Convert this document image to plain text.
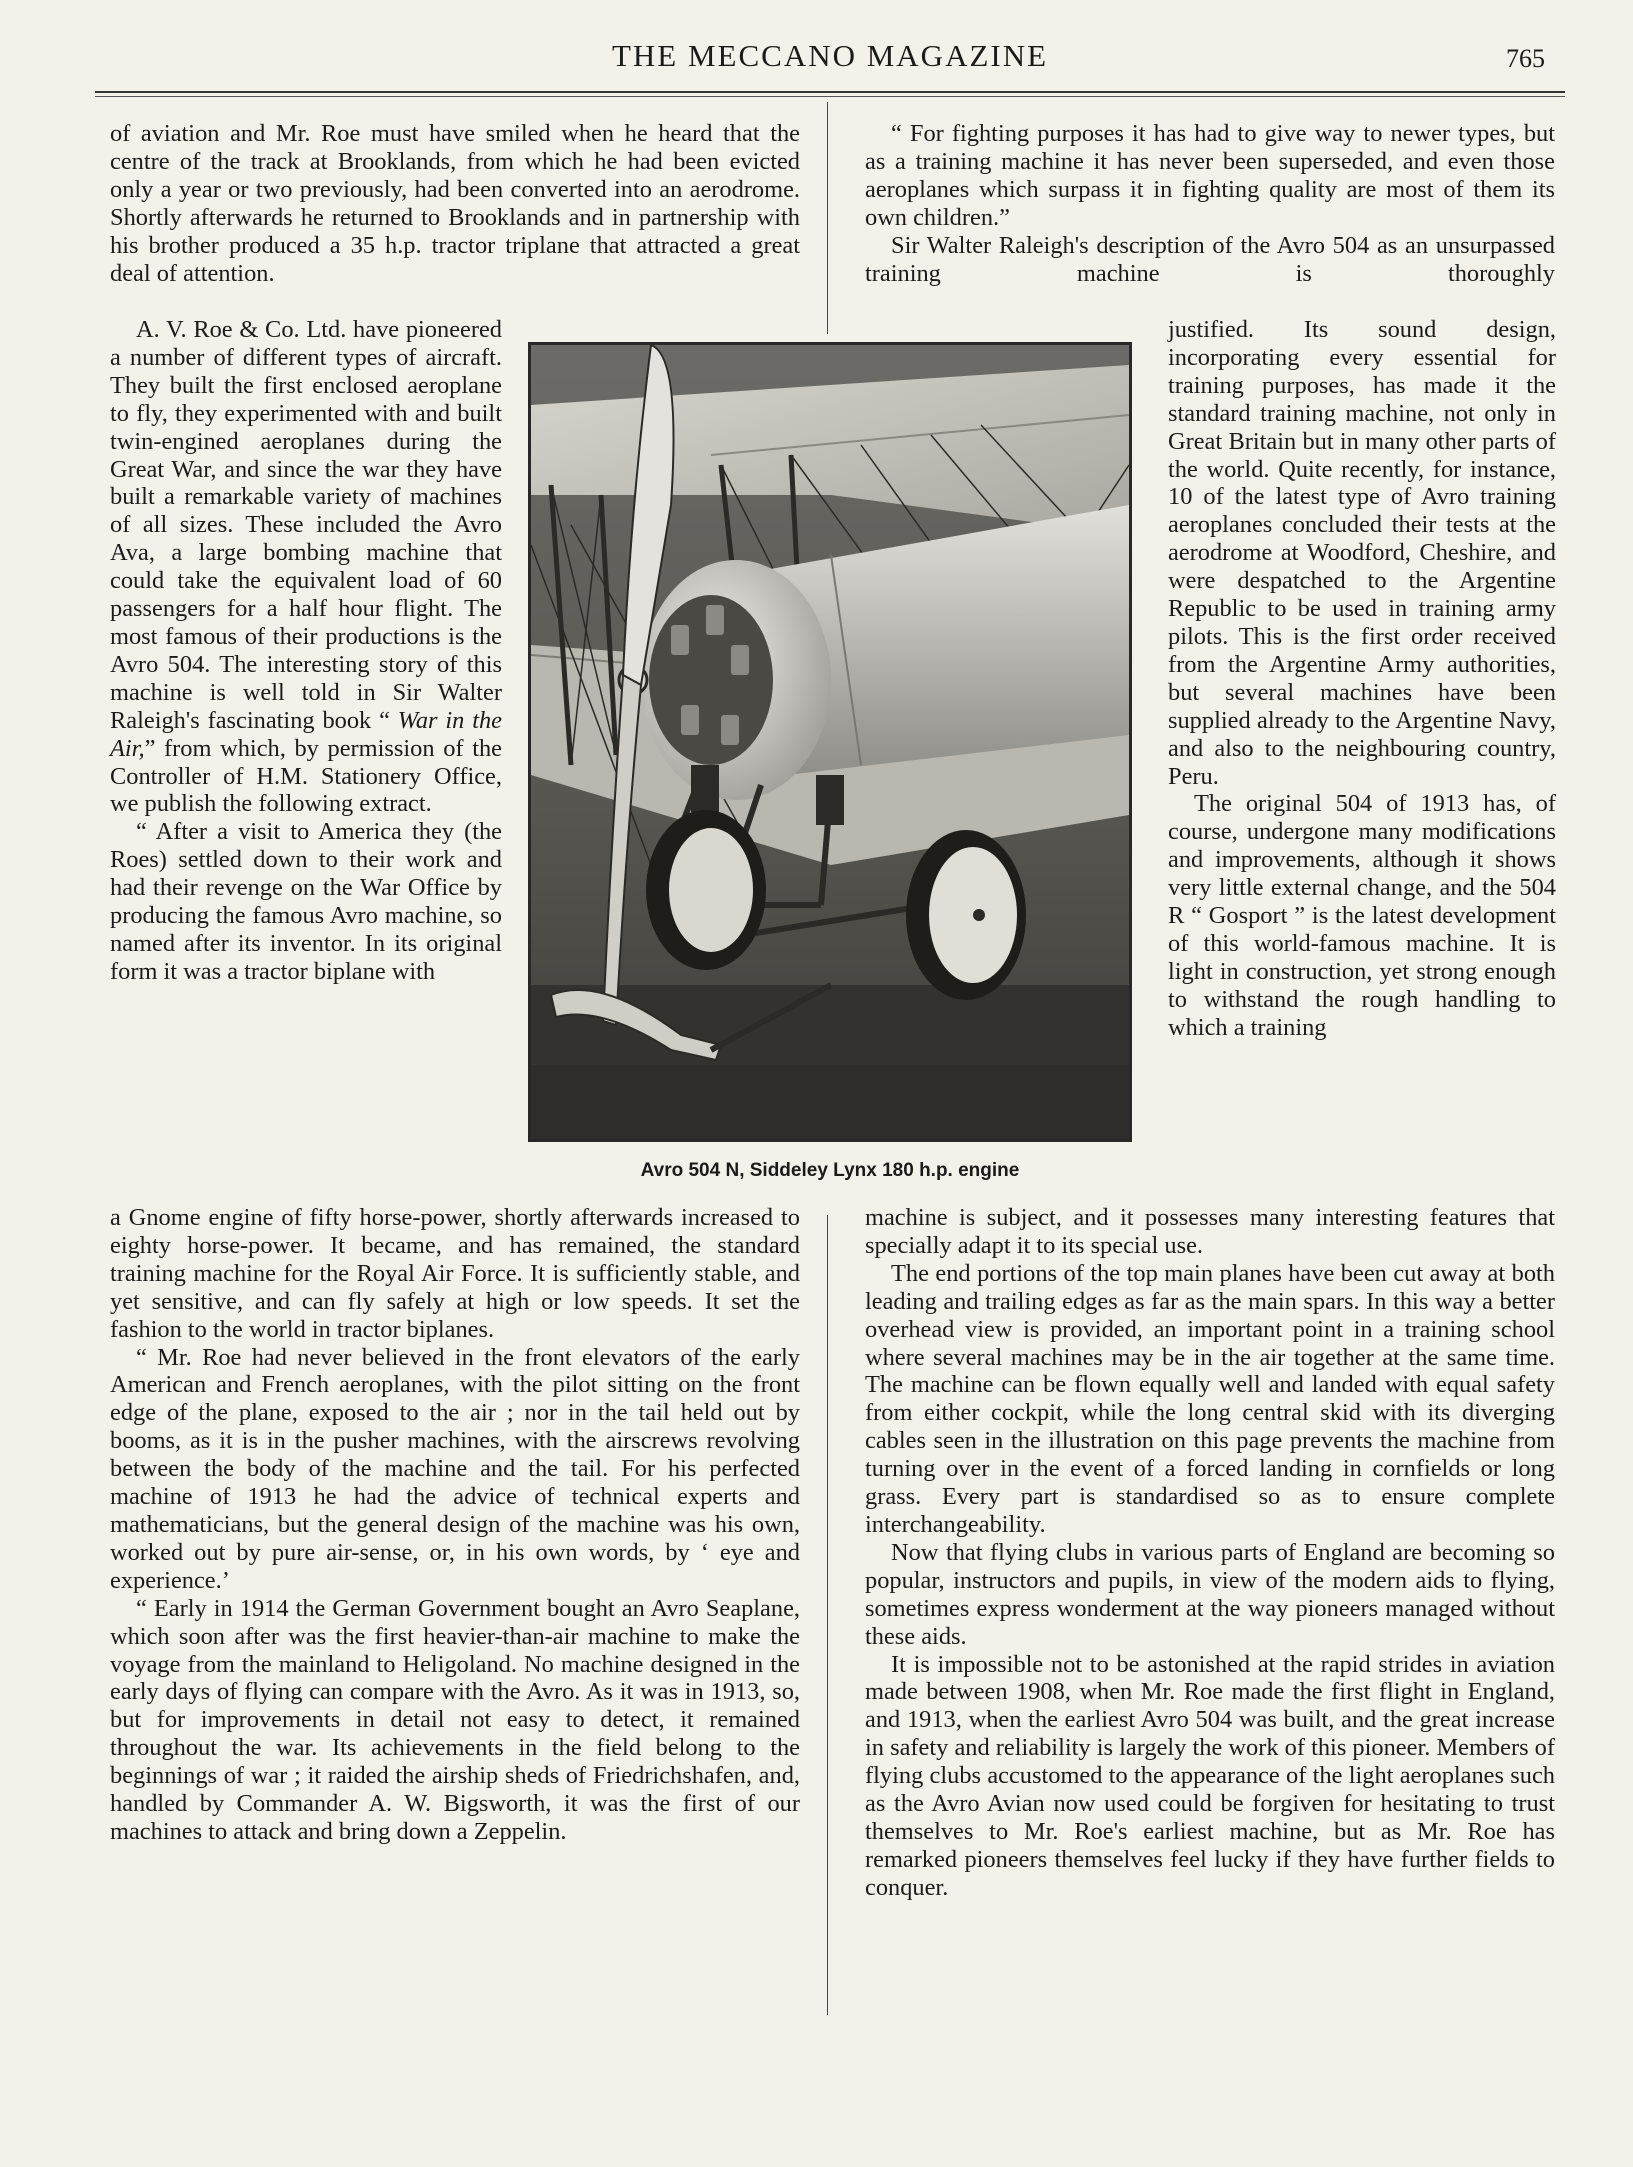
THE MECCANO MAGAZINE	765

of aviation and Mr. Roe must have smiled when he heard that the centre of the track at Brooklands, from which he had been evicted only a year or two previously, had been converted into an aerodrome. Shortly afterwards he returned to Brooklands and in partnership with his brother produced a 35 h.p. tractor triplane that attracted a great deal of attention.

A. V. Roe & Co. Ltd. have pioneered a number of different types of aircraft. They built the first enclosed aeroplane to fly, they experimented with and built twin-engined aeroplanes during the Great War, and since the war they have built a remarkable variety of machines of all sizes. These included the Avro Ava, a large bombing machine that could take the equivalent load of 60 passengers for a half hour flight. The most famous of their productions is the Avro 504. The interesting story of this machine is well told in Sir Walter Raleigh's fascinating book “ War in the Air,” from which, by permission of the Controller of H.M. Stationery Office, we publish the following extract.

“ After a visit to America they (the Roes) settled down to their work and had their revenge on the War Office by producing the famous Avro machine, so named after its inventor. In its original form it was a tractor biplane with

a Gnome engine of fifty horse-power, shortly afterwards increased to eighty horse-power. It became, and has remained, the standard training machine for the Royal Air Force. It is sufficiently stable, and yet sensitive, and can fly safely at high or low speeds. It set the fashion to the world in tractor biplanes.

“ Mr. Roe had never believed in the front elevators of the early American and French aeroplanes, with the pilot sitting on the front edge of the plane, exposed to the air ; nor in the tail held out by booms, as it is in the pusher machines, with the airscrews revolving between the body of the machine and the tail. For his perfected machine of 1913 he had the advice of technical experts and mathematicians, but the general design of the machine was his own, worked out by pure air-sense, or, in his own words, by ‘ eye and experience.’

“ Early in 1914 the German Government bought an Avro Seaplane, which soon after was the first heavier-than-air machine to make the voyage from the mainland to Heligoland. No machine designed in the early days of flying can compare with the Avro. As it was in 1913, so, but for improvements in detail not easy to detect, it remained throughout the war. Its achievements in the field belong to the beginnings of war ; it raided the airship sheds of Friedrichshafen, and, handled by Commander A. W. Bigsworth, it was the first of our machines to attack and bring down a Zeppelin.

“ For fighting purposes it has had to give way to newer types, but as a training machine it has never been superseded, and even those aeroplanes which surpass it in fighting quality are most of them its own children.”

Sir Walter Raleigh's description of the Avro 504 as an unsurpassed training machine is thoroughly

justified. Its sound design, incorporating every essential for training purposes, has made it the standard training machine, not only in Great Britain but in many other parts of the world. Quite recently, for instance, 10 of the latest type of Avro training aeroplanes concluded their tests at the aerodrome at Woodford, Cheshire, and were despatched to the Argentine Republic to be used in training army pilots. This is the first order received from the Argentine Army authorities, but several machines have been supplied already to the Argentine Navy, and also to the neighbouring country, Peru.

The original 504 of 1913 has, of course, undergone many modifications and improvements, although it shows very little external change, and the 504 R “ Gosport ” is the latest development of this world-famous machine. It is light in construction, yet strong enough to withstand the rough handling to which a training

machine is subject, and it possesses many interesting features that specially adapt it to its special use.

The end portions of the top main planes have been cut away at both leading and trailing edges as far as the main spars. In this way a better overhead view is provided, an important point in a training school where several machines may be in the air together at the same time. The machine can be flown equally well and landed with equal safety from either cockpit, while the long central skid with its diverging cables seen in the illustration on this page prevents the machine from turning over in the event of a forced landing in cornfields or long grass. Every part is standardised so as to ensure complete interchangeability.

Now that flying clubs in various parts of England are becoming so popular, instructors and pupils, in view of the modern aids to flying, sometimes express wonderment at the way pioneers managed without these aids.

It is impossible not to be astonished at the rapid strides in aviation made between 1908, when Mr. Roe made the first flight in England, and 1913, when the earliest Avro 504 was built, and the great increase in safety and reliability is largely the work of this pioneer. Members of flying clubs accustomed to the appearance of the light aeroplanes such as the Avro Avian now used could be forgiven for hesitating to trust themselves to Mr. Roe's earliest machine, but as Mr. Roe has remarked pioneers themselves feel lucky if they have further fields to conquer.

Avro 504 N, Siddeley Lynx 180 h.p. engine
